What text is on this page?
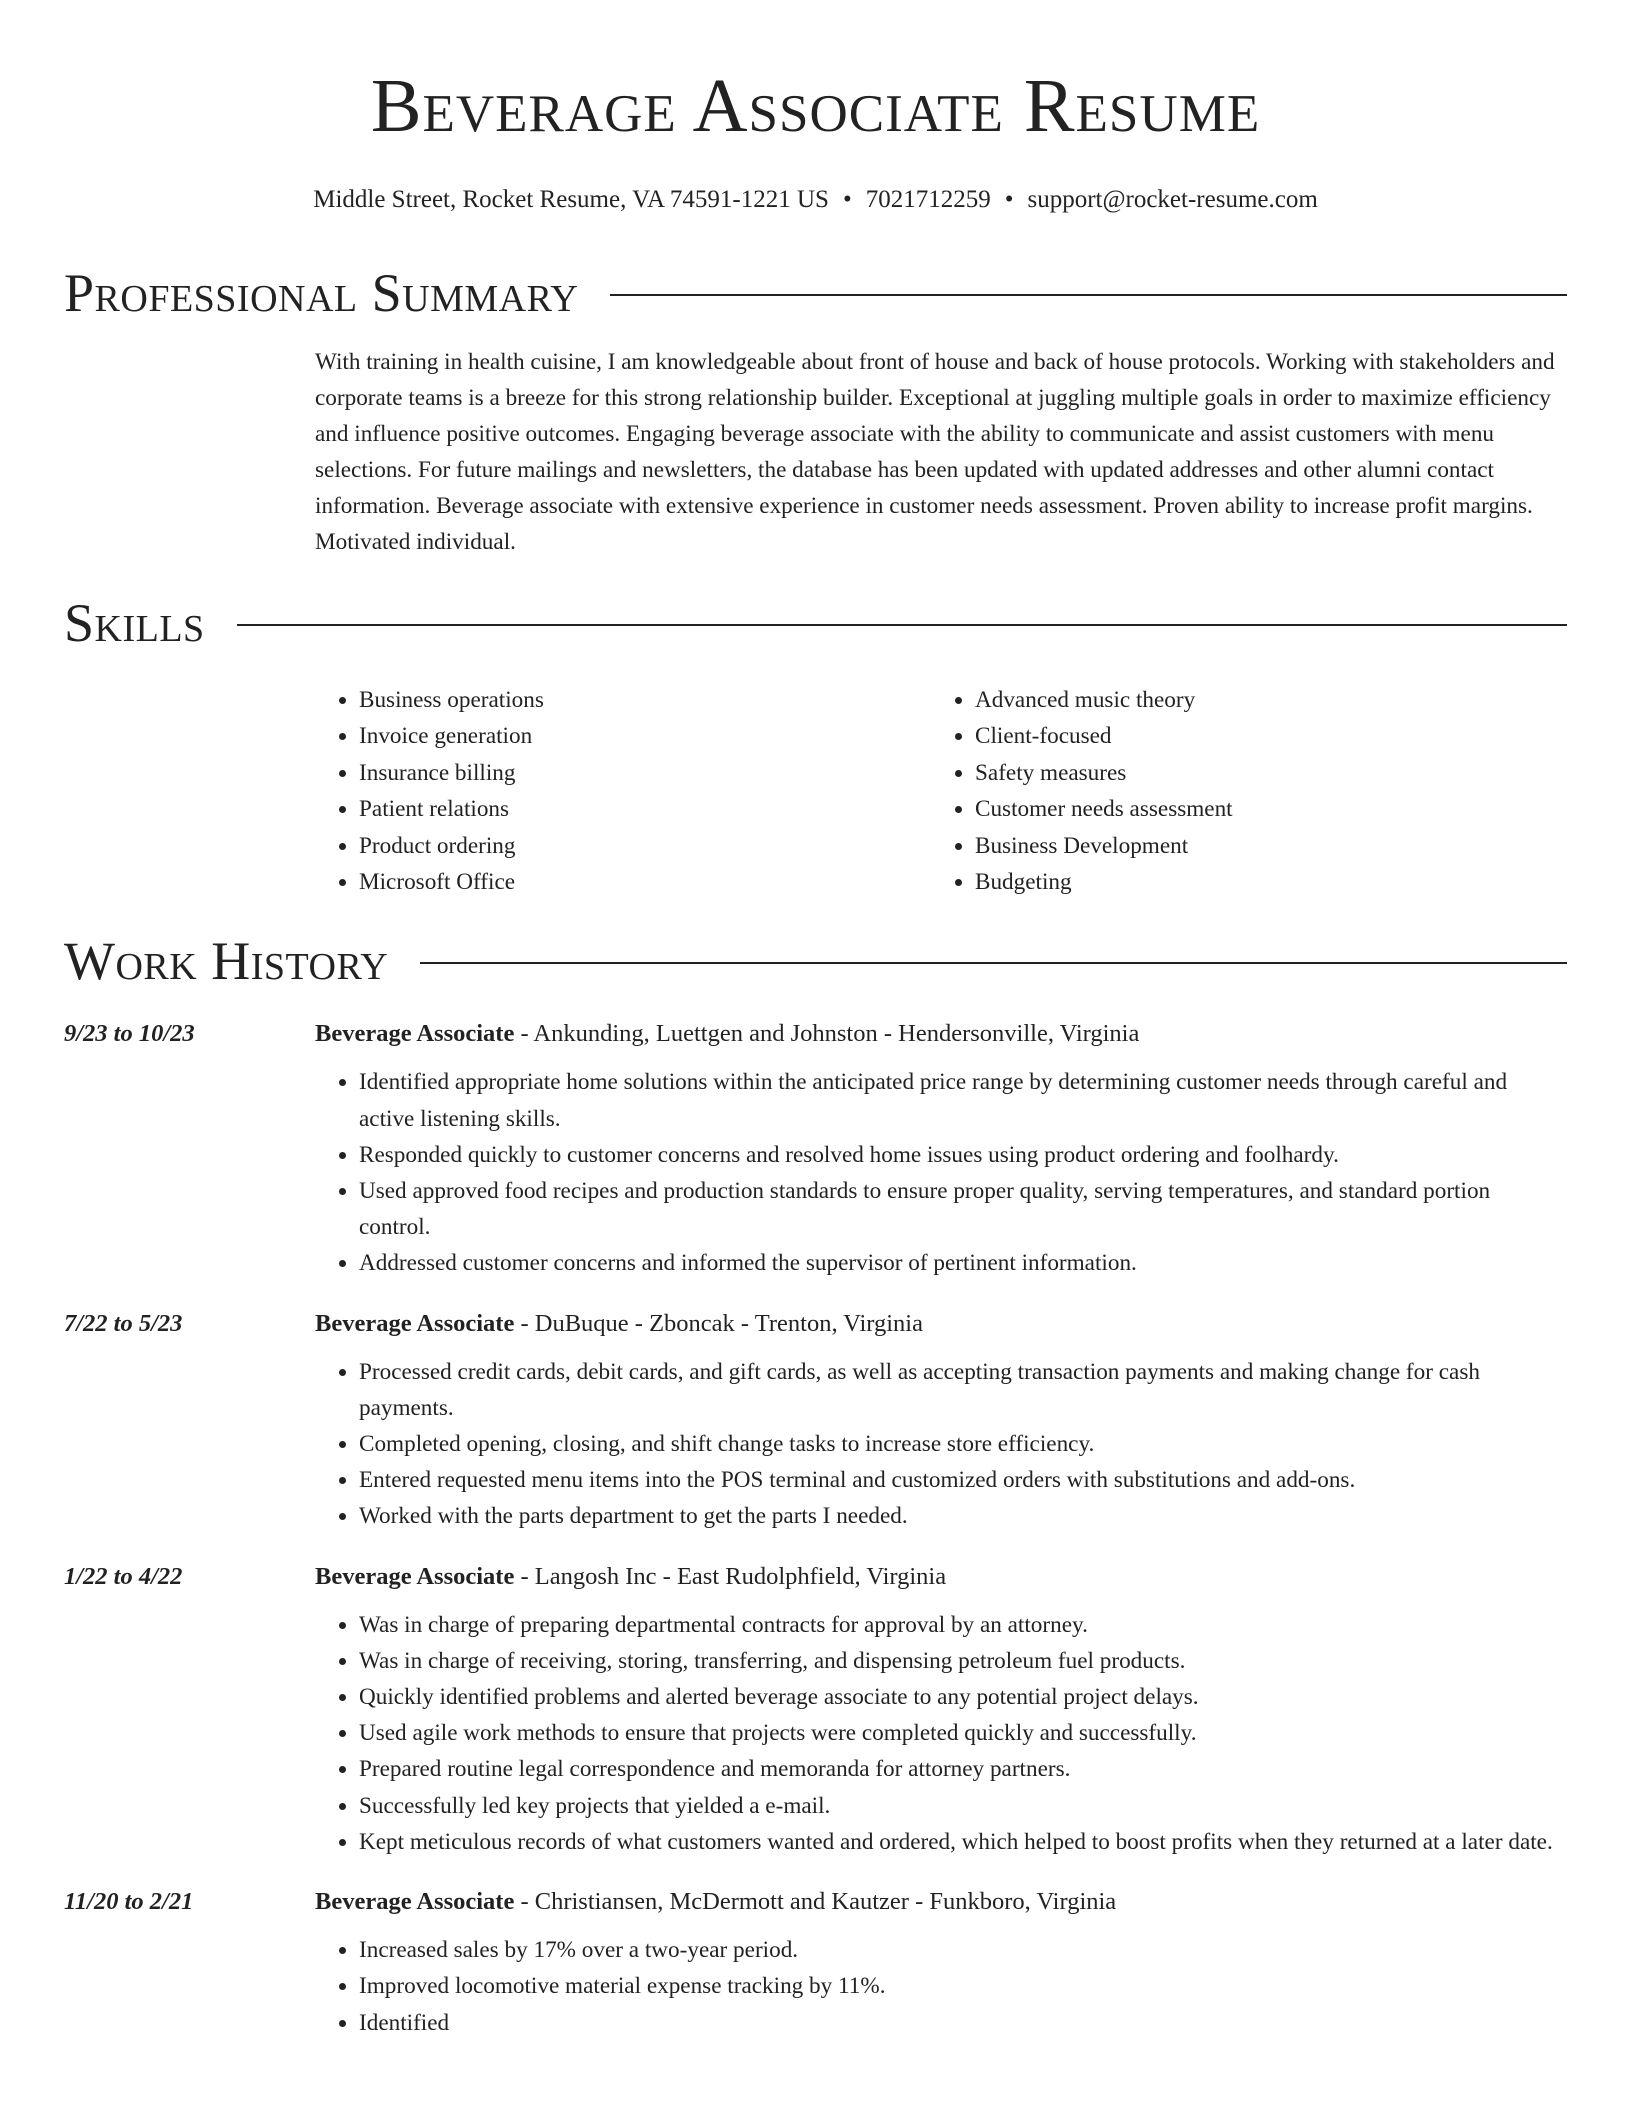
Beverage Associate Resume
Middle Street, Rocket Resume, VA 74591-1221 US • 7021712259 • support@rocket-resume.com
Professional Summary

With training in health cuisine, I am knowledgeable about front of house and back of house protocols. Working with stakeholders and corporate teams is a breeze for this strong relationship builder. Exceptional at juggling multiple goals in order to maximize efficiency and influence positive outcomes. Engaging beverage associate with the ability to communicate and assist customers with menu selections. For future mailings and newsletters, the database has been updated with updated addresses and other alumni contact information. Beverage associate with extensive experience in customer needs assessment. Proven ability to increase profit margins. Motivated individual.

Skills
• Business operations
• Invoice generation
• Insurance billing
• Patient relations
• Product ordering
• Microsoft Office
• Advanced music theory
• Client-focused
• Safety measures
• Customer needs assessment
• Business Development
• Budgeting
Work History
9/23 to 10/23	Beverage Associate - Ankunding, Luettgen and Johnston - Hendersonville, Virginia
• Identified appropriate home solutions within the anticipated price range by determining customer needs through careful and active listening skills.
• Responded quickly to customer concerns and resolved home issues using product ordering and foolhardy.
• Used approved food recipes and production standards to ensure proper quality, serving temperatures, and standard portion control.
• Addressed customer concerns and informed the supervisor of pertinent information.
7/22 to 5/23	Beverage Associate - DuBuque - Zboncak - Trenton, Virginia
• Processed credit cards, debit cards, and gift cards, as well as accepting transaction payments and making change for cash payments.
• Completed opening, closing, and shift change tasks to increase store efficiency.
• Entered requested menu items into the POS terminal and customized orders with substitutions and add-ons.
• Worked with the parts department to get the parts I needed.
1/22 to 4/22	Beverage Associate - Langosh Inc - East Rudolphfield, Virginia
• Was in charge of preparing departmental contracts for approval by an attorney.
• Was in charge of receiving, storing, transferring, and dispensing petroleum fuel products.
• Quickly identified problems and alerted beverage associate to any potential project delays.
• Used agile work methods to ensure that projects were completed quickly and successfully.
• Prepared routine legal correspondence and memoranda for attorney partners.
• Successfully led key projects that yielded a e-mail.
• Kept meticulous records of what customers wanted and ordered, which helped to boost profits when they returned at a later date.
11/20 to 2/21	Beverage Associate - Christiansen, McDermott and Kautzer - Funkboro, Virginia
• Increased sales by 17% over a two-year period.
• Improved locomotive material expense tracking by 11%.
• Identified
